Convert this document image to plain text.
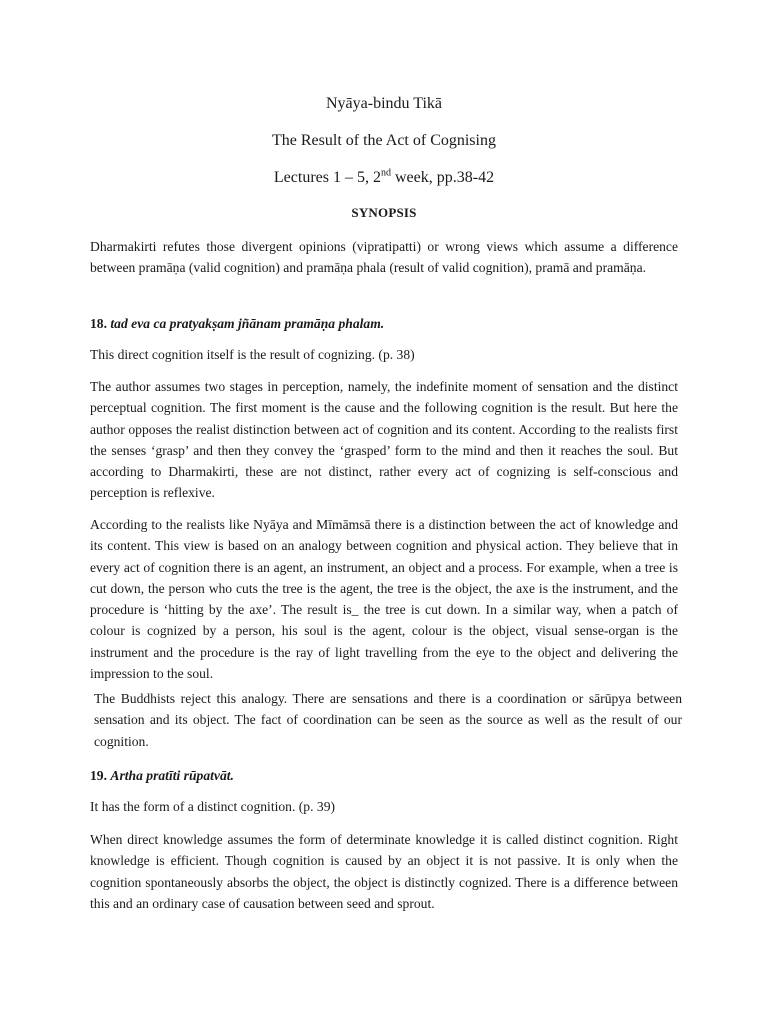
Nyāya-bindu Tikā
The Result of the Act of Cognising
Lectures 1 – 5, 2nd week, pp.38-42
SYNOPSIS
Dharmakirti refutes those divergent opinions (vipratipatti) or wrong views which assume a difference between pramāṇa (valid cognition) and pramāṇa phala (result of valid cognition), pramā and pramāṇa.
18. tad eva ca pratyakṣam jñānam pramāṇa phalam.
This direct cognition itself is the result of cognizing. (p. 38)
The author assumes two stages in perception, namely, the indefinite moment of sensation and the distinct perceptual cognition. The first moment is the cause and the following cognition is the result. But here the author opposes the realist distinction between act of cognition and its content. According to the realists first the senses ‘grasp’ and then they convey the ‘grasped’ form to the mind and then it reaches the soul. But according to Dharmakirti, these are not distinct, rather every act of cognizing is self-conscious and perception is reflexive.
According to the realists like Nyāya and Mīmāmsā there is a distinction between the act of knowledge and its content. This view is based on an analogy between cognition and physical action. They believe that in every act of cognition there is an agent, an instrument, an object and a process. For example, when a tree is cut down, the person who cuts the tree is the agent, the tree is the object, the axe is the instrument, and the procedure is ‘hitting by the axe’. The result is_ the tree is cut down. In a similar way, when a patch of colour is cognized by a person, his soul is the agent, colour is the object, visual sense-organ is the instrument and the procedure is the ray of light travelling from the eye to the object and delivering the impression to the soul.
The Buddhists reject this analogy. There are sensations and there is a coordination or sārūpya between sensation and its object. The fact of coordination can be seen as the source as well as the result of our cognition.
19. Artha pratīti rūpatvāt.
It has the form of a distinct cognition. (p. 39)
When direct knowledge assumes the form of determinate knowledge it is called distinct cognition. Right knowledge is efficient. Though cognition is caused by an object it is not passive. It is only when the cognition spontaneously absorbs the object, the object is distinctly cognized. There is a difference between this and an ordinary case of causation between seed and sprout.
